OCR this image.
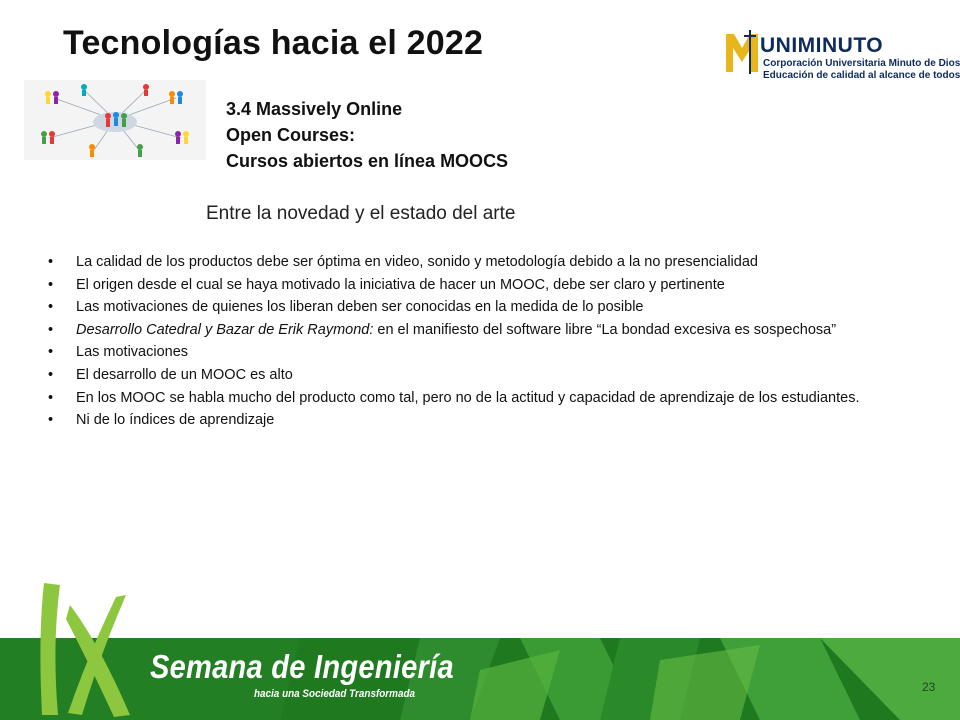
Tecnologías hacia el 2022	UNIMINUTO
Corporación Universitaria Minuto de Dios
Educación de calidad al alcance de todos
3.4 Massively Online
Open Courses:
Cursos abiertos en línea MOOCS
Entre la novedad y el estado del arte
• La calidad de los productos debe ser óptima en video, sonido y metodología debido a la no presencialidad
• El origen desde el cual se haya motivado la iniciativa de hacer un MOOC, debe ser claro y pertinente
• Las motivaciones de quienes los liberan deben ser conocidas en la medida de lo posible
• Desarrollo Catedral y Bazar de Erik Raymond: en el manifiesto del software libre “La bondad excesiva es sospechosa”
• Las motivaciones
• El desarrollo de un MOOC es alto
• En los MOOC se habla mucho del producto como tal, pero no de la actitud y capacidad de aprendizaje de los estudiantes.
• Ni de lo índices de aprendizaje
Semana de Ingeniería
hacia una Sociedad Transformada	23
